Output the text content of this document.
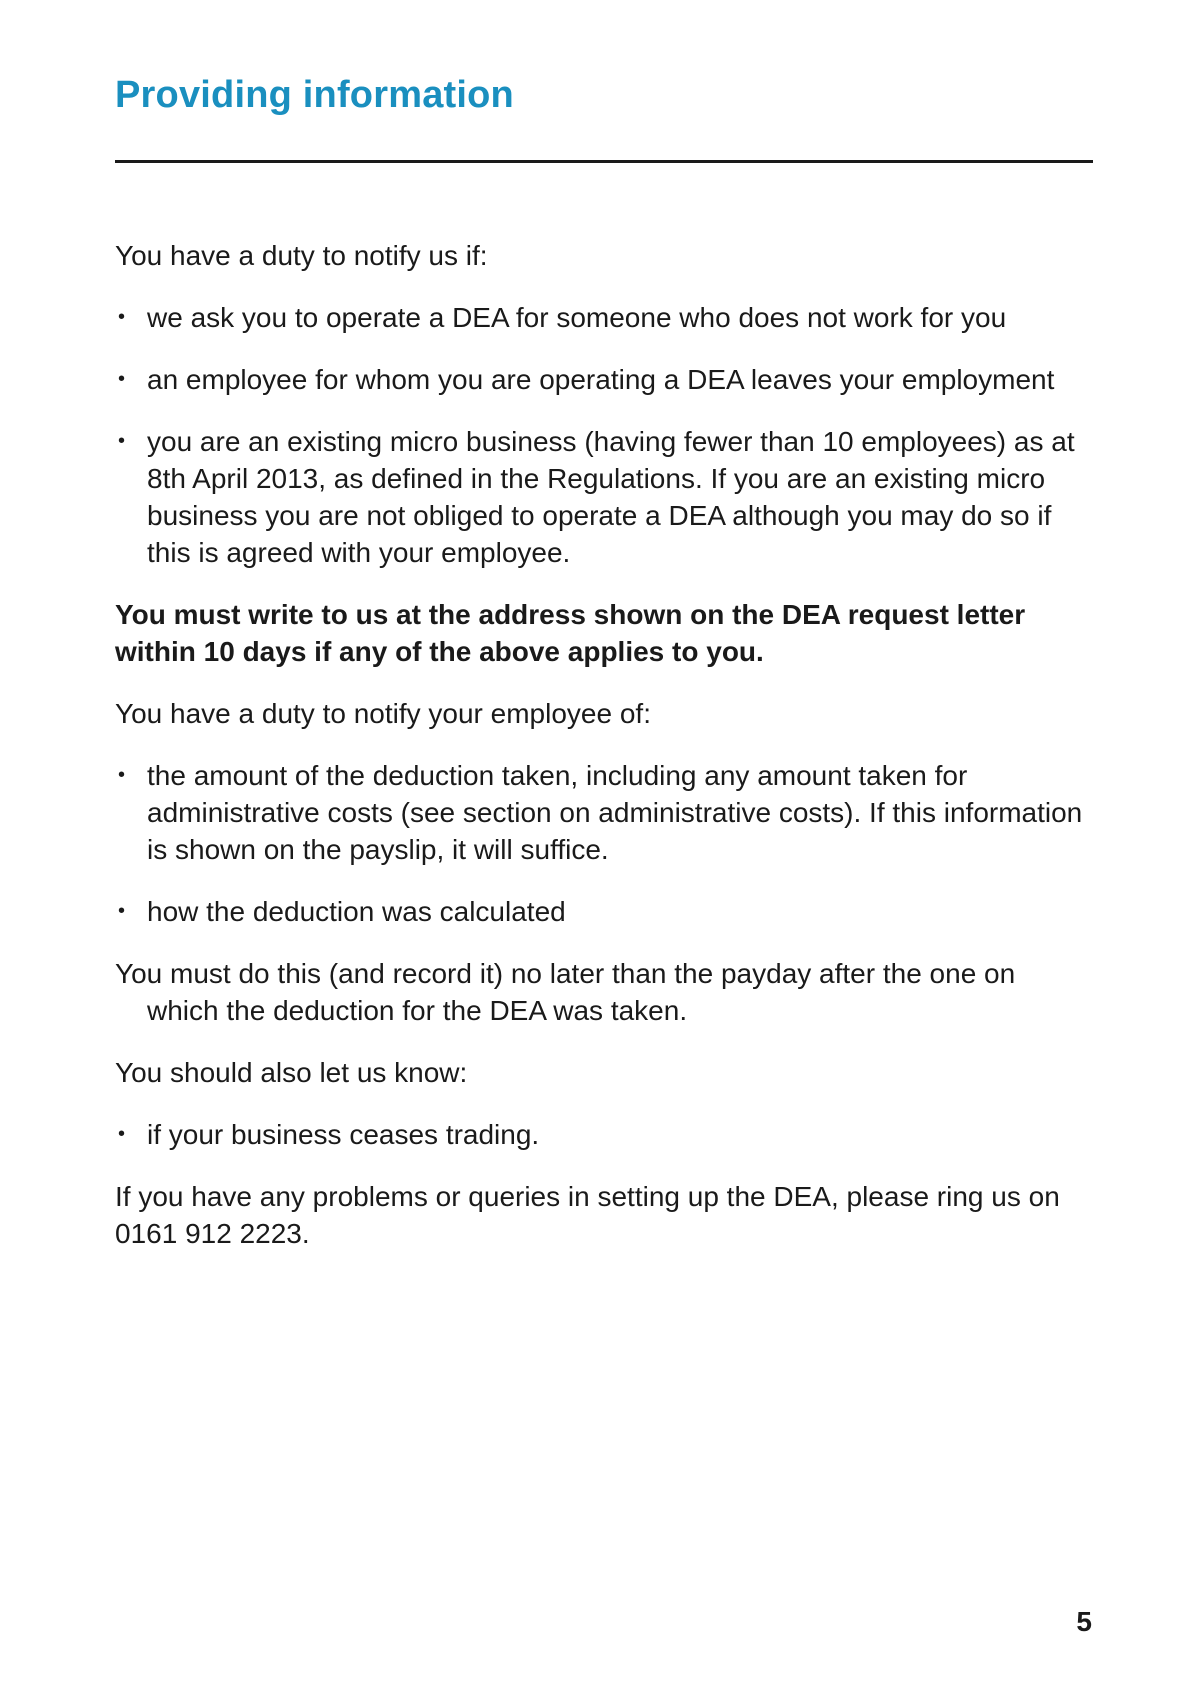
Providing information

You have a duty to notify us if:

• we ask you to operate a DEA for someone who does not work for you
• an employee for whom you are operating a DEA leaves your employment
• you are an existing micro business (having fewer than 10 employees) as at 8th April 2013, as defined in the Regulations. If you are an existing micro business you are not obliged to operate a DEA although you may do so if this is agreed with your employee.

You must write to us at the address shown on the DEA request letter within 10 days if any of the above applies to you.

You have a duty to notify your employee of:

• the amount of the deduction taken, including any amount taken for administrative costs (see section on administrative costs). If this information is shown on the payslip, it will suffice.
• how the deduction was calculated

You must do this (and record it) no later than the payday after the one on which the deduction for the DEA was taken.

You should also let us know:

• if your business ceases trading.

If you have any problems or queries in setting up the DEA, please ring us on 0161 912 2223.

5
